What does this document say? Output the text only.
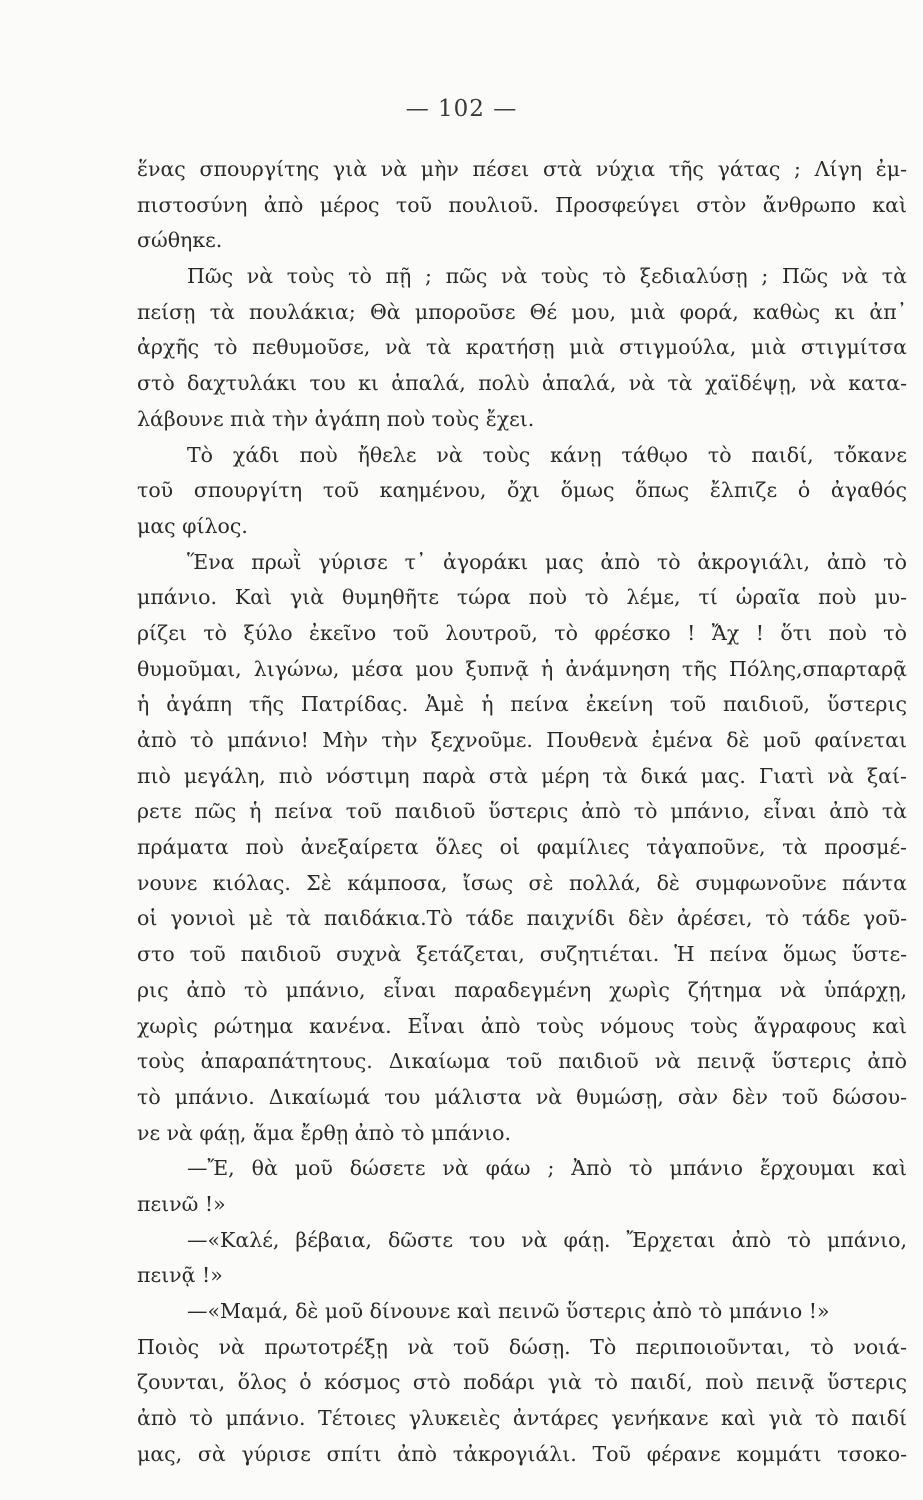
— 102 —
ἕνας σπουργίτης γιὰ νὰ μὴν πέσει στὰ νύχια τῆς γάτας ; Λίγη ἐμ-
πιστοσύνη ἀπὸ μέρος τοῦ πουλιοῦ. Προσφεύγει στὸν ἄνθρωπο καὶ
σώθηκε.
Πῶς νὰ τοὺς τὸ πῇ ; πῶς νὰ τοὺς τὸ ξεδιαλύσῃ ; Πῶς νὰ τὰ
πείσῃ τὰ πουλάκια; Θὰ μποροῦσε Θέ μου, μιὰ φορά, καθὼς κι ἀπ᾽
ἀρχῆς τὸ πεθυμοῦσε, νὰ τὰ κρατήσῃ μιὰ στιγμούλα, μιὰ στιγμίτσα
στὸ δαχτυλάκι του κι ἁπαλά, πολὺ ἁπαλά, νὰ τὰ χαϊδέψῃ, νὰ κατα-
λάβουνε πιὰ τὴν ἀγάπη ποὺ τοὺς ἔχει.
Τὸ χάδι ποὺ ἤθελε νὰ τοὺς κάνῃ τάθῳο τὸ παιδί, τὄκανε
τοῦ σπουργίτη τοῦ καημένου, ὄχι ὅμως ὅπως ἔλπιζε ὁ ἀγαθός
μας φίλος.
Ἕνα πρωῒ γύρισε τ᾽ ἀγοράκι μας ἀπὸ τὸ ἀκρογιάλι, ἀπὸ τὸ
μπάνιο. Καὶ γιὰ θυμηθῆτε τώρα ποὺ τὸ λέμε, τί ὡραῖα ποὺ μυ-
ρίζει τὸ ξύλο ἐκεῖνο τοῦ λουτροῦ, τὸ φρέσκο ! Ἄχ ! ὅτι ποὺ τὸ
θυμοῦμαι, λιγώνω, μέσα μου ξυπνᾷ ἡ ἀνάμνηση τῆς Πόλης,σπαρταρᾷ
ἡ ἀγάπη τῆς Πατρίδας. Ἀμὲ ἡ πείνα ἐκείνη τοῦ παιδιοῦ, ὕστερις
ἀπὸ τὸ μπάνιο! Μὴν τὴν ξεχνοῦμε. Πουθενὰ ἐμένα δὲ μοῦ φαίνεται
πιὸ μεγάλη, πιὸ νόστιμη παρὰ στὰ μέρη τὰ δικά μας. Γιατὶ νὰ ξαί-
ρετε πῶς ἡ πείνα τοῦ παιδιοῦ ὕστερις ἀπὸ τὸ μπάνιο, εἶναι ἀπὸ τὰ
πράματα ποὺ ἀνεξαίρετα ὅλες οἱ φαμίλιες τἀγαποῦνε, τὰ προσμέ-
νουνε κιόλας. Σὲ κάμποσα, ἴσως σὲ πολλά, δὲ συμφωνοῦνε πάντα
οἱ γονιοὶ μὲ τὰ παιδάκια.Τὸ τάδε παιχνίδι δὲν ἀρέσει, τὸ τάδε γοῦ-
στο τοῦ παιδιοῦ συχνὰ ξετάζεται, συζητιέται. Ἡ πείνα ὅμως ὕστε-
ρις ἀπὸ τὸ μπάνιο, εἶναι παραδεγμένη χωρὶς ζήτημα νὰ ὑπάρχῃ,
χωρὶς ρώτημα κανένα. Εἶναι ἀπὸ τοὺς νόμους τοὺς ἄγραφους καὶ
τοὺς ἀπαραπάτητους. Δικαίωμα τοῦ παιδιοῦ νὰ πεινᾷ ὕστερις ἀπὸ
τὸ μπάνιο. Δικαίωμά του μάλιστα νὰ θυμώσῃ, σὰν δὲν τοῦ δώσου-
νε νὰ φάῃ, ἅμα ἔρθῃ ἀπὸ τὸ μπάνιο.
—Ἔ, θὰ μοῦ δώσετε νὰ φάω ; Ἀπὸ τὸ μπάνιο ἔρχουμαι καὶ
πεινῶ !»
—«Καλέ, βέβαια, δῶστε του νὰ φάῃ. Ἔρχεται ἀπὸ τὸ μπάνιο,
πεινᾷ !»
—«Μαμά, δὲ μοῦ δίνουνε καὶ πεινῶ ὕστερις ἀπὸ τὸ μπάνιο !»
Ποιὸς νὰ πρωτοτρέξῃ νὰ τοῦ δώσῃ. Τὸ περιποιοῦνται, τὸ νοιά-
ζουνται, ὅλος ὁ κόσμος στὸ ποδάρι γιὰ τὸ παιδί, ποὺ πεινᾷ ὕστερις
ἀπὸ τὸ μπάνιο. Τέτοιες γλυκειὲς ἀντάρες γενήκανε καὶ γιὰ τὸ παιδί
μας, σὰ γύρισε σπίτι ἀπὸ τἀκρογιάλι. Τοῦ φέρανε κομμάτι τσοκο-
